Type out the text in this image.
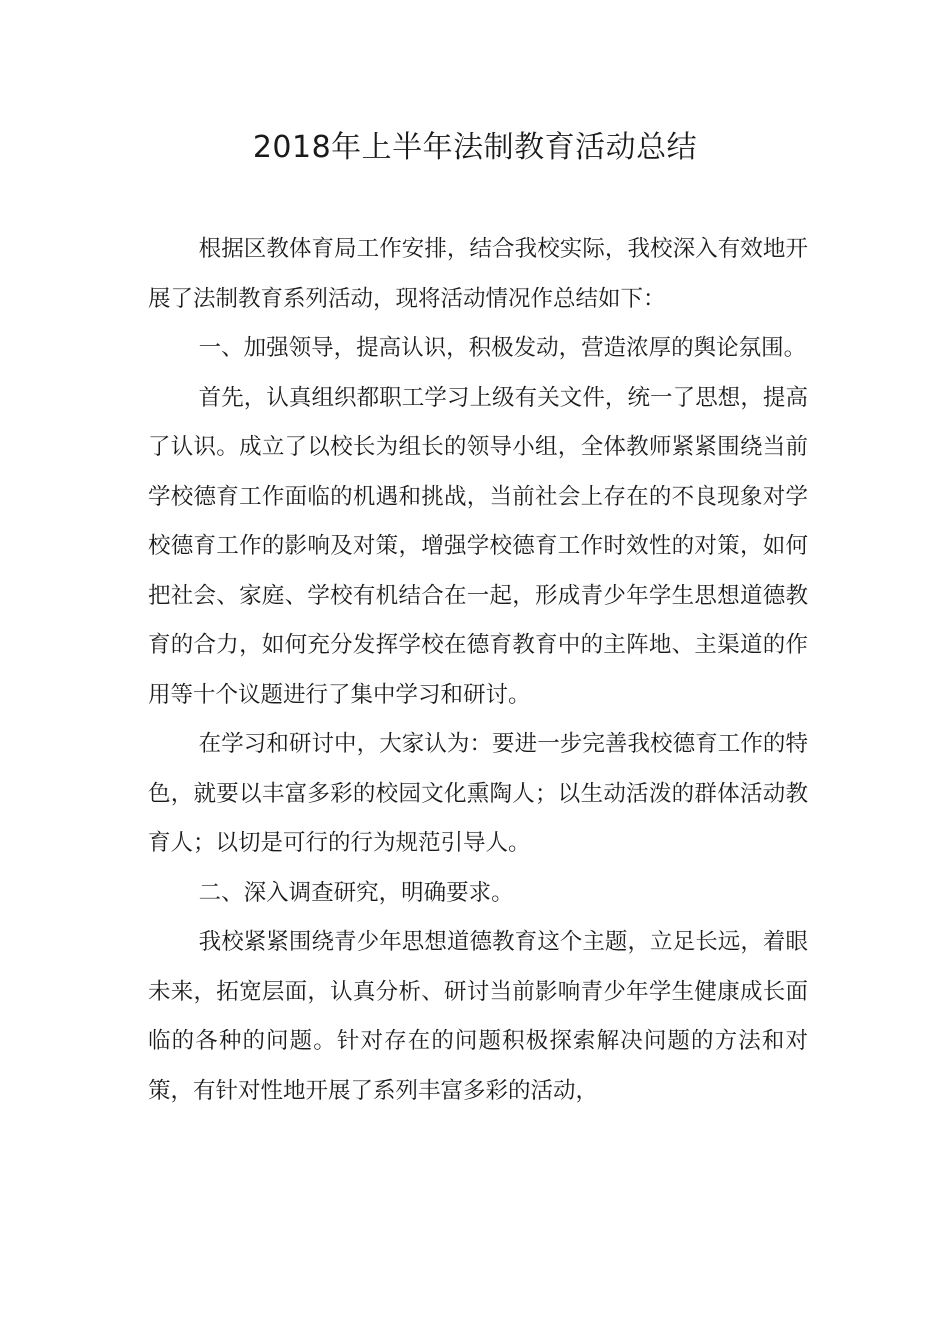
2018年上半年法制教育活动总结

根据区教体育局工作安排，结合我校实际，我校深入有效地开展了法制教育系列活动，现将活动情况作总结如下：

一、加强领导，提高认识，积极发动，营造浓厚的舆论氛围。

首先，认真组织都职工学习上级有关文件，统一了思想，提高了认识。成立了以校长为组长的领导小组，全体教师紧紧围绕当前学校德育工作面临的机遇和挑战，当前社会上存在的不良现象对学校德育工作的影响及对策，增强学校德育工作时效性的对策，如何把社会、家庭、学校有机结合在一起，形成青少年学生思想道德教育的合力，如何充分发挥学校在德育教育中的主阵地、主渠道的作用等十个议题进行了集中学习和研讨。

在学习和研讨中，大家认为：要进一步完善我校德育工作的特色，就要以丰富多彩的校园文化熏陶人；以生动活泼的群体活动教育人；以切是可行的行为规范引导人。

二、深入调查研究，明确要求。

我校紧紧围绕青少年思想道德教育这个主题，立足长远，着眼未来，拓宽层面，认真分析、研讨当前影响青少年学生健康成长面临的各种的问题。针对存在的问题积极探索解决问题的方法和对策，有针对性地开展了系列丰富多彩的活动，
